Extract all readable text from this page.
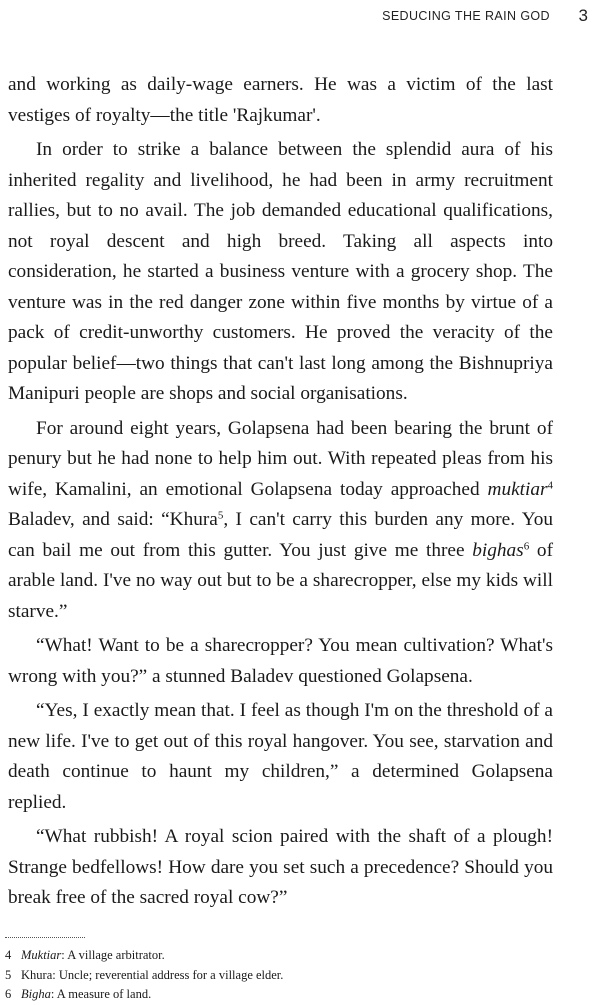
SEDUCING THE RAIN GOD 3

and working as daily-wage earners. He was a victim of the last vestiges of royalty—the title 'Rajkumar'.

In order to strike a balance between the splendid aura of his inherited regality and livelihood, he had been in army recruitment rallies, but to no avail. The job demanded educational qualifications, not royal descent and high breed. Taking all aspects into consideration, he started a business venture with a grocery shop. The venture was in the red danger zone within five months by virtue of a pack of credit-unworthy customers. He proved the veracity of the popular belief—two things that can't last long among the Bishnupriya Manipuri people are shops and social organisations.

For around eight years, Golapsena had been bearing the brunt of penury but he had none to help him out. With repeated pleas from his wife, Kamalini, an emotional Golapsena today approached muktiar$^4$ Baladev, and said: “Khura$^5$, I can't carry this burden any more. You can bail me out from this gutter. You just give me three bighas$^6$ of arable land. I've no way out but to be a sharecropper, else my kids will starve.”

“What! Want to be a sharecropper? You mean cultivation? What's wrong with you?” a stunned Baladev questioned Golapsena.

“Yes, I exactly mean that. I feel as though I'm on the threshold of a new life. I've to get out of this royal hangover. You see, starvation and death continue to haunt my children,” a determined Golapsena replied.

“What rubbish! A royal scion paired with the shaft of a plough! Strange bedfellows! How dare you set such a precedence? Should you break free of the sacred royal cow?”

4 Muktiar: A village arbitrator.
5 Khura: Uncle; reverential address for a village elder.
6 Bigha: A measure of land.
